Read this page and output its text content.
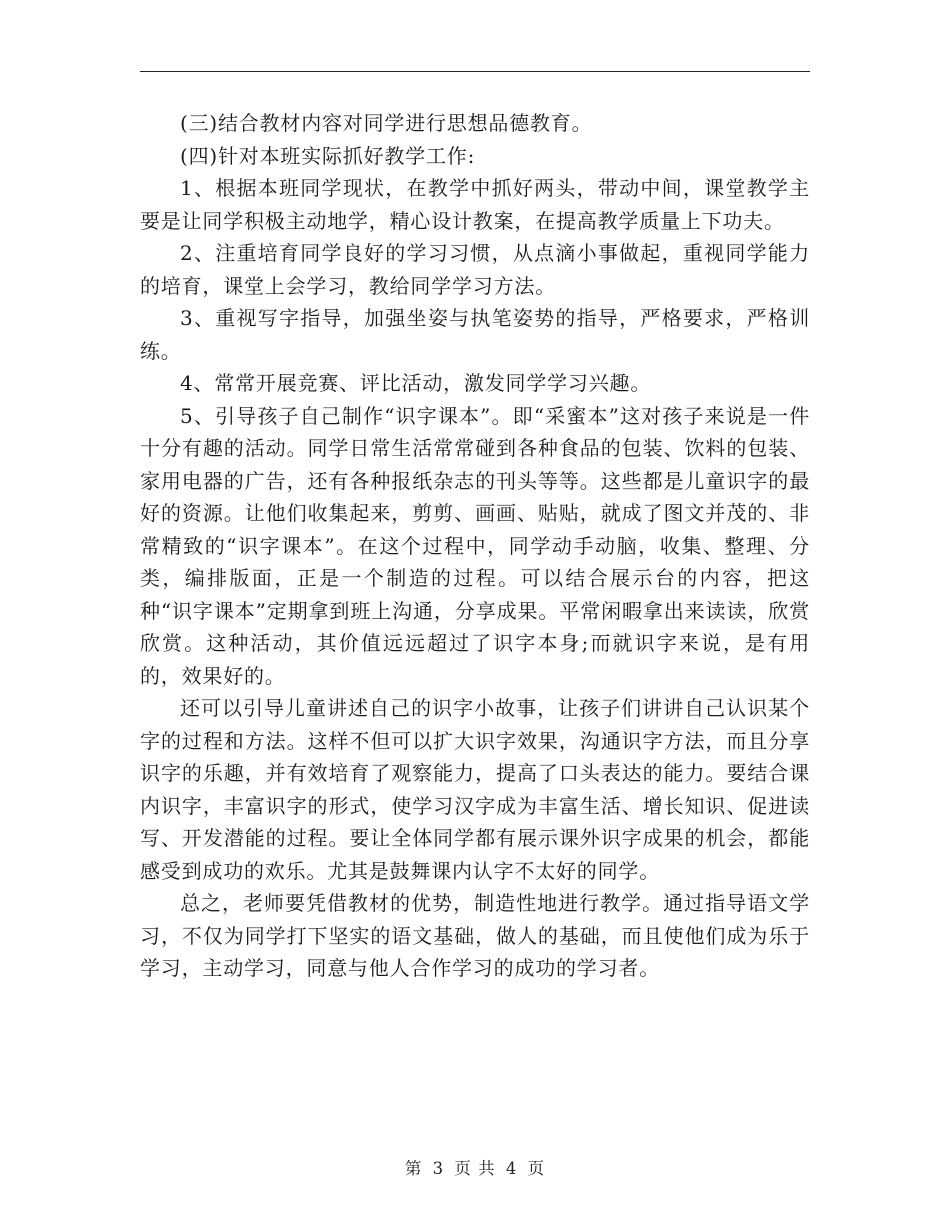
(三)结合教材内容对同学进行思想品德教育。

(四)针对本班实际抓好教学工作:

1、根据本班同学现状，在教学中抓好两头，带动中间，课堂教学主要是让同学积极主动地学，精心设计教案，在提高教学质量上下功夫。

2、注重培育同学良好的学习习惯，从点滴小事做起，重视同学能力的培育，课堂上会学习，教给同学学习方法。

3、重视写字指导，加强坐姿与执笔姿势的指导，严格要求，严格训练。

4、常常开展竞赛、评比活动，激发同学学习兴趣。

5、引导孩子自己制作“识字课本”。即“采蜜本”这对孩子来说是一件十分有趣的活动。同学日常生活常常碰到各种食品的包装、饮料的包装、家用电器的广告，还有各种报纸杂志的刊头等等。这些都是儿童识字的最好的资源。让他们收集起来，剪剪、画画、贴贴，就成了图文并茂的、非常精致的“识字课本”。在这个过程中，同学动手动脑，收集、整理、分类，编排版面，正是一个制造的过程。可以结合展示台的内容，把这种“识字课本”定期拿到班上沟通，分享成果。平常闲暇拿出来读读，欣赏欣赏。这种活动，其价值远远超过了识字本身;而就识字来说，是有用的，效果好的。

还可以引导儿童讲述自己的识字小故事，让孩子们讲讲自己认识某个字的过程和方法。这样不但可以扩大识字效果，沟通识字方法，而且分享识字的乐趣，并有效培育了观察能力，提高了口头表达的能力。要结合课内识字，丰富识字的形式，使学习汉字成为丰富生活、增长知识、促进读写、开发潜能的过程。要让全体同学都有展示课外识字成果的机会，都能感受到成功的欢乐。尤其是鼓舞课内认字不太好的同学。

总之，老师要凭借教材的优势，制造性地进行教学。通过指导语文学习，不仅为同学打下坚实的语文基础，做人的基础，而且使他们成为乐于学习，主动学习，同意与他人合作学习的成功的学习者。

第 3 页 共 4 页
